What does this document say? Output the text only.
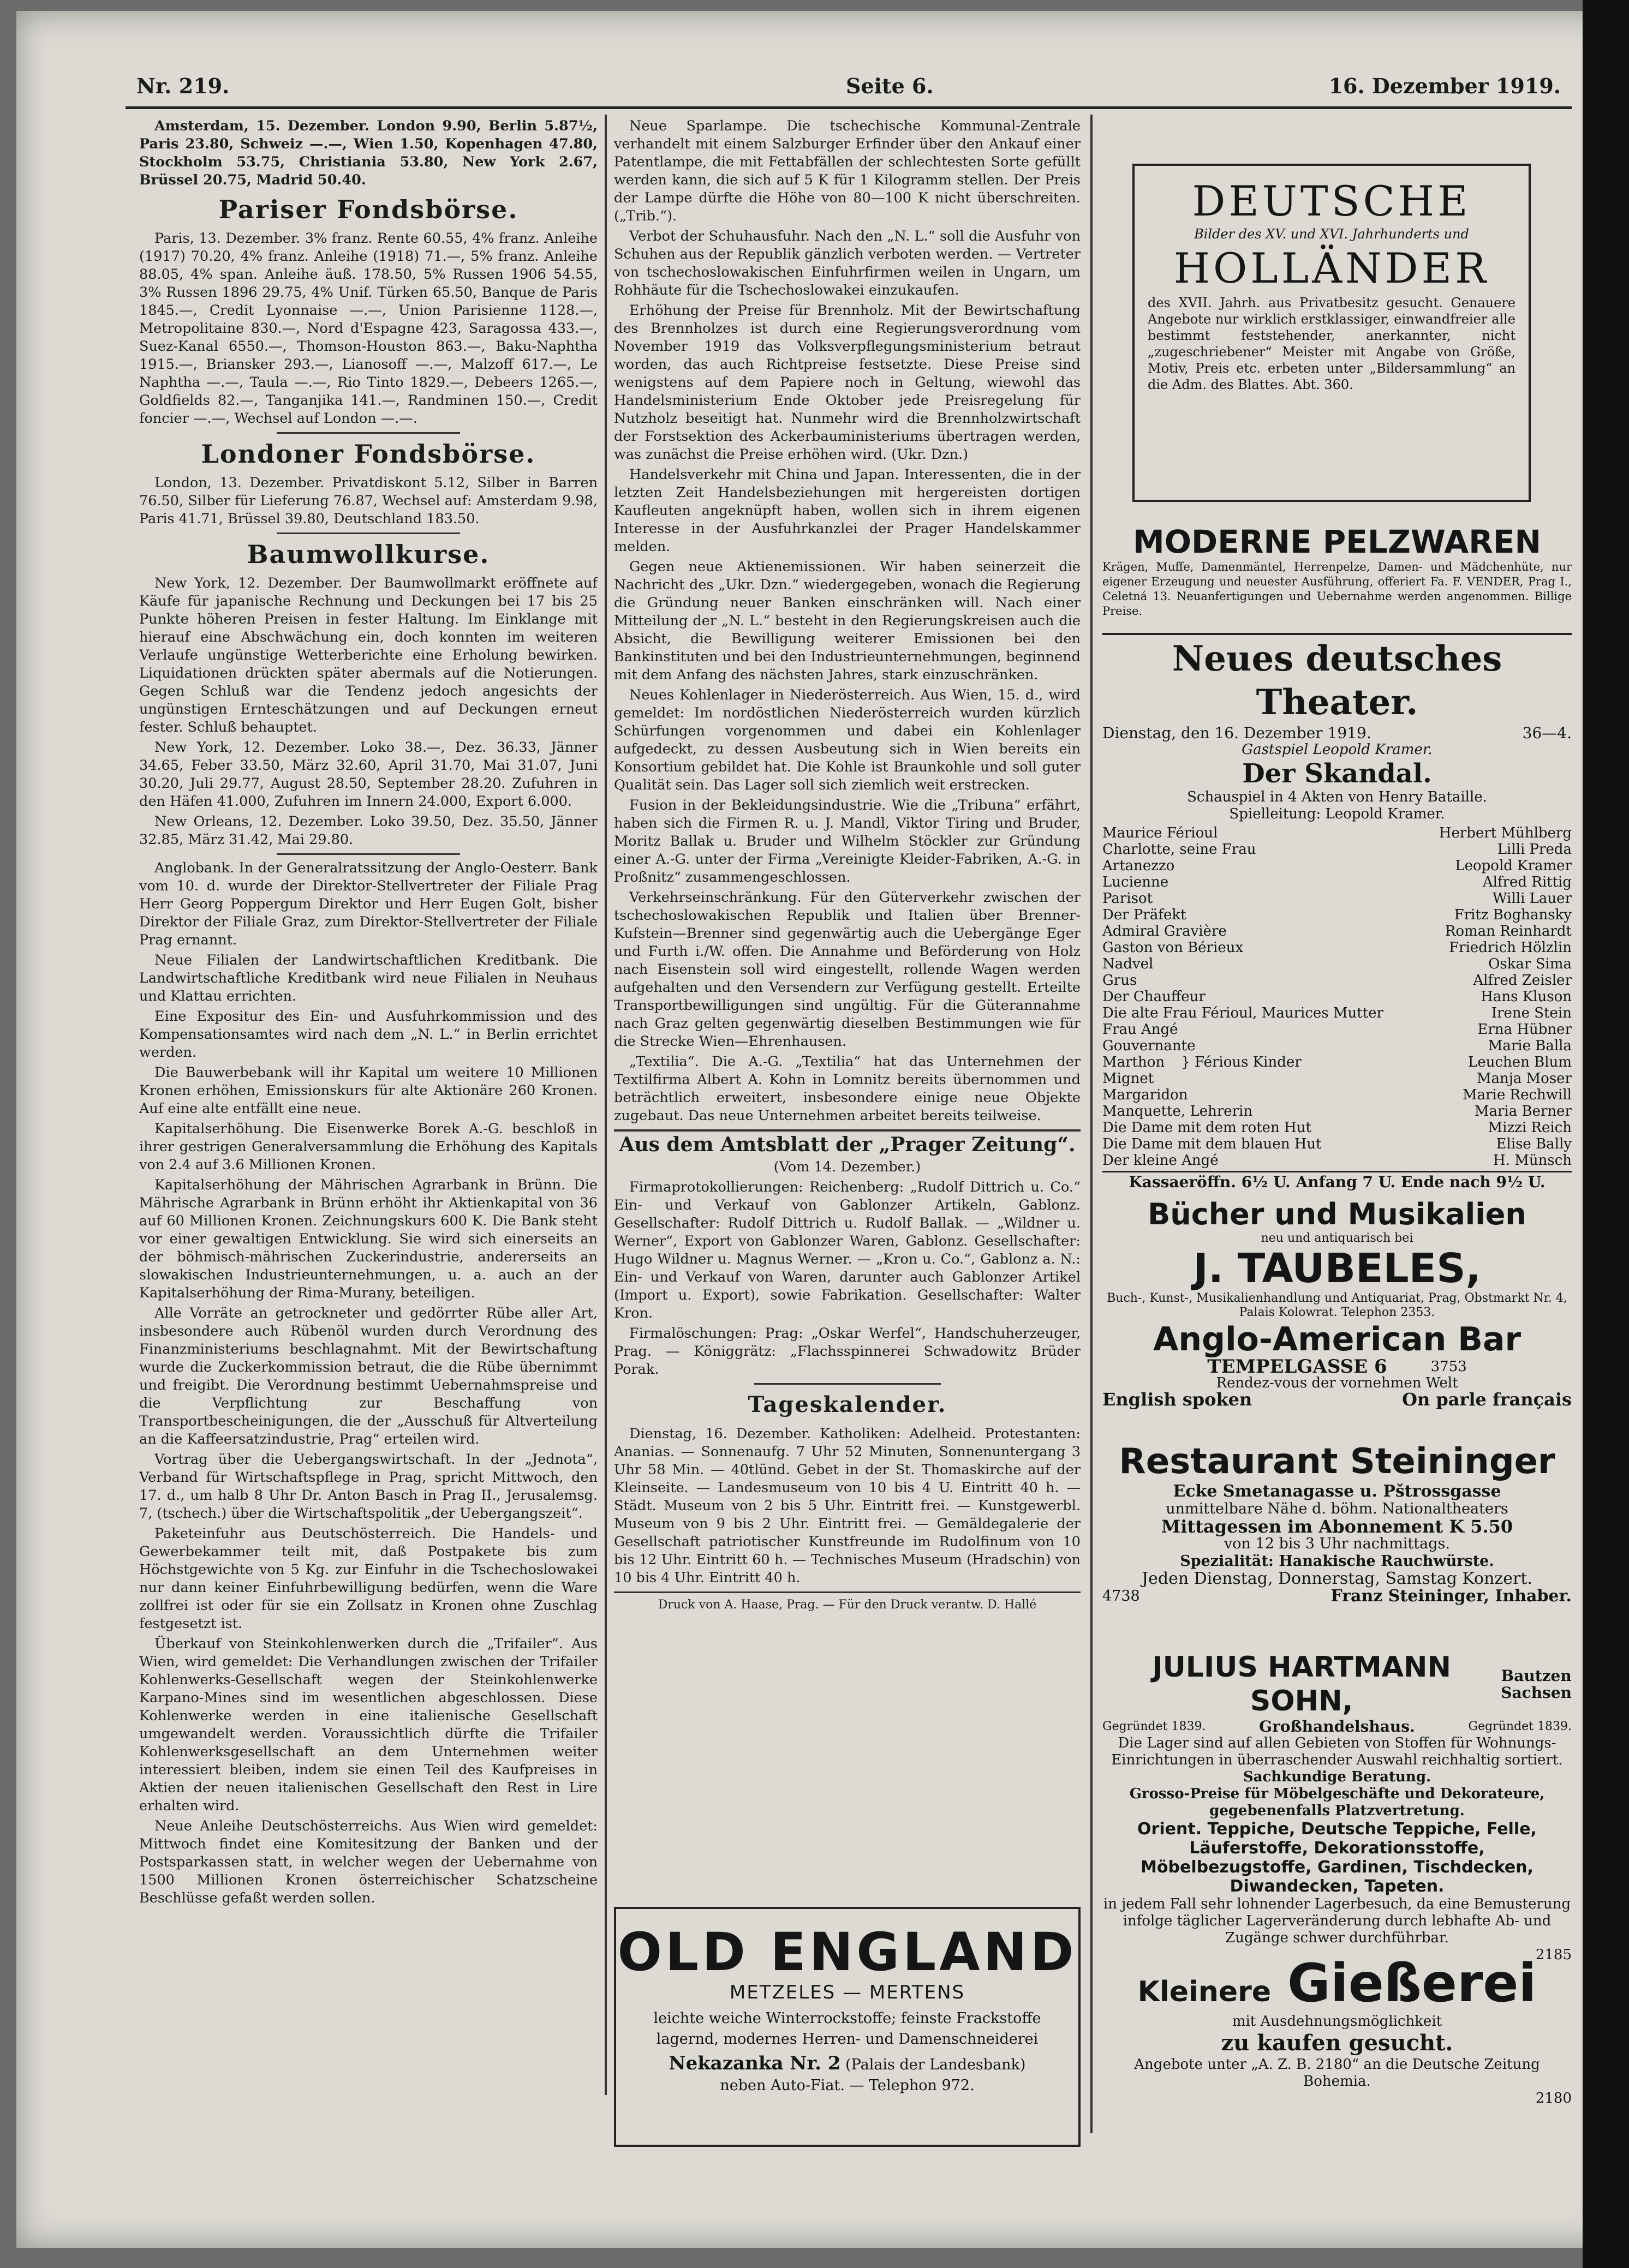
Nr. 219.	Seite 6.	16. Dezember 1919.

Amsterdam, 15. Dezember. London 9.90, Berlin 5.87½, Paris 23.80, Schweiz —.—, Wien 1.50, Kopenhagen 47.80, Stockholm 53.75, Christiania 53.80, New York 2.67, Brüssel 20.75, Madrid 50.40.

Pariser Fondsbörse.

Paris, 13. Dezember. 3% franz. Rente 60.55, 4% franz. Anleihe (1917) 70.20, 4% franz. Anleihe (1918) 71.—, 5% franz. Anleihe 88.05, 4% span. Anleihe äuß. 178.50, 5% Russen 1906 54.55, 3% Russen 1896 29.75, 4% Unif. Türken 65.50, Banque de Paris 1845.—, Credit Lyonnaise —.—, Union Parisienne 1128.—, Metropolitaine 830.—, Nord d'Espagne 423, Saragossa 433.—, Suez-Kanal 6550.—, Thomson-Houston 863.—, Baku-Naphtha 1915.—, Briansker 293.—, Lianosoff —.—, Malzoff 617.—, Le Naphtha —.—, Taula —.—, Rio Tinto 1829.—, Debeers 1265.—, Goldfields 82.—, Tanganjika 141.—, Randminen 150.—, Credit foncier —.—, Wechsel auf London —.—.

Londoner Fondsbörse.

London, 13. Dezember. Privatdiskont 5.12, Silber in Barren 76.50, Silber für Lieferung 76.87, Wechsel auf: Amsterdam 9.98, Paris 41.71, Brüssel 39.80, Deutschland 183.50.

Baumwollkurse.

New York, 12. Dezember. Der Baumwollmarkt eröffnete auf Käufe für japanische Rechnung und Deckungen bei 17 bis 25 Punkte höheren Preisen in fester Haltung. Im Einklange mit hierauf eine Abschwächung ein, doch konnten im weiteren Verlaufe ungünstige Wetterberichte eine Erholung bewirken. Liquidationen drückten später abermals auf die Notierungen. Gegen Schluß war die Tendenz jedoch angesichts der ungünstigen Ernteschätzungen und auf Deckungen erneut fester. Schluß behauptet.

New York, 12. Dezember. Loko 38.—, Dez. 36.33, Jänner 34.65, Feber 33.50, März 32.60, April 31.70, Mai 31.07, Juni 30.20, Juli 29.77, August 28.50, September 28.20. Zufuhren in den Häfen 41.000, Zufuhren im Innern 24.000, Export 6.000.

New Orleans, 12. Dezember. Loko 39.50, Dez. 35.50, Jänner 32.85, März 31.42, Mai 29.80.

Anglobank. In der Generalratssitzung der Anglo-Oesterr. Bank vom 10. d. wurde der Direktor-Stellvertreter der Filiale Prag Herr Georg Poppergum Direktor und Herr Eugen Golt, bisher Direktor der Filiale Graz, zum Direktor-Stellvertreter der Filiale Prag ernannt.

Neue Filialen der Landwirtschaftlichen Kreditbank. Die Landwirtschaftliche Kreditbank wird neue Filialen in Neuhaus und Klattau errichten.

Eine Expositur des Ein- und Ausfuhrkommission und des Kompensationsamtes wird nach dem „N. L.“ in Berlin errichtet werden.

Die Bauwerbebank will ihr Kapital um weitere 10 Millionen Kronen erhöhen, Emissionskurs für alte Aktionäre 260 Kronen. Auf eine alte entfällt eine neue.

Kapitalserhöhung. Die Eisenwerke Borek A.-G. beschloß in ihrer gestrigen Generalversammlung die Erhöhung des Kapitals von 2.4 auf 3.6 Millionen Kronen.

Kapitalserhöhung der Mährischen Agrarbank in Brünn. Die Mährische Agrarbank in Brünn erhöht ihr Aktienkapital von 36 auf 60 Millionen Kronen. Zeichnungskurs 600 K. Die Bank steht vor einer gewaltigen Entwicklung. Sie wird sich einerseits an der böhmisch-mährischen Zuckerindustrie, andererseits an slowakischen Industrieunternehmungen, u. a. auch an der Kapitalserhöhung der Rima-Murany, beteiligen.

Alle Vorräte an getrockneter und gedörrter Rübe aller Art, insbesondere auch Rübenöl wurden durch Verordnung des Finanzministeriums beschlagnahmt. Mit der Bewirtschaftung wurde die Zuckerkommission betraut, die die Rübe übernimmt und freigibt. Die Verordnung bestimmt Uebernahmspreise und die Verpflichtung zur Beschaffung von Transportbescheinigungen, die der „Ausschuß für Altverteilung an die Kaffeersatzindustrie, Prag“ erteilen wird.

Vortrag über die Uebergangswirtschaft. In der „Jednota“, Verband für Wirtschaftspflege in Prag, spricht Mittwoch, den 17. d., um halb 8 Uhr Dr. Anton Basch in Prag II., Jerusalemsg. 7, (tschech.) über die Wirtschaftspolitik „der Uebergangszeit“.

Paketeinfuhr aus Deutschösterreich. Die Handels- und Gewerbekammer teilt mit, daß Postpakete bis zum Höchstgewichte von 5 Kg. zur Einfuhr in die Tschechoslowakei nur dann keiner Einfuhrbewilligung bedürfen, wenn die Ware zollfrei ist oder für sie ein Zollsatz in Kronen ohne Zuschlag festgesetzt ist.

Überkauf von Steinkohlenwerken durch die „Trifailer“. Aus Wien, wird gemeldet: Die Verhandlungen zwischen der Trifailer Kohlenwerks-Gesellschaft wegen der Steinkohlenwerke Karpano-Mines sind im wesentlichen abgeschlossen. Diese Kohlenwerke werden in eine italienische Gesellschaft umgewandelt werden. Voraussichtlich dürfte die Trifailer Kohlenwerksgesellschaft an dem Unternehmen weiter interessiert bleiben, indem sie einen Teil des Kaufpreises in Aktien der neuen italienischen Gesellschaft den Rest in Lire erhalten wird.

Neue Anleihe Deutschösterreichs. Aus Wien wird gemeldet: Mittwoch findet eine Komitesitzung der Banken und der Postsparkassen statt, in welcher wegen der Uebernahme von 1500 Millionen Kronen österreichischer Schatzscheine Beschlüsse gefaßt werden sollen.

Neue Sparlampe. Die tschechische Kommunal-Zentrale verhandelt mit einem Salzburger Erfinder über den Ankauf einer Patentlampe, die mit Fettabfällen der schlechtesten Sorte gefüllt werden kann, die sich auf 5 K für 1 Kilogramm stellen. Der Preis der Lampe dürfte die Höhe von 80—100 K nicht überschreiten. („Trib.“).

Verbot der Schuhausfuhr. Nach den „N. L.“ soll die Ausfuhr von Schuhen aus der Republik gänzlich verboten werden. — Vertreter von tschechoslowakischen Einfuhrfirmen weilen in Ungarn, um Rohhäute für die Tschechoslowakei einzukaufen.

Erhöhung der Preise für Brennholz. Mit der Bewirtschaftung des Brennholzes ist durch eine Regierungsverordnung vom November 1919 das Volksverpflegungsministerium betraut worden, das auch Richtpreise festsetzte. Diese Preise sind wenigstens auf dem Papiere noch in Geltung, wiewohl das Handelsministerium Ende Oktober jede Preisregelung für Nutzholz beseitigt hat. Nunmehr wird die Brennholzwirtschaft der Forstsektion des Ackerbauministeriums übertragen werden, was zunächst die Preise erhöhen wird. (Ukr. Dzn.)

Handelsverkehr mit China und Japan. Interessenten, die in der letzten Zeit Handelsbeziehungen mit hergereisten dortigen Kaufleuten angeknüpft haben, wollen sich in ihrem eigenen Interesse in der Ausfuhrkanzlei der Prager Handelskammer melden.

Gegen neue Aktienemissionen. Wir haben seinerzeit die Nachricht des „Ukr. Dzn.“ wiedergegeben, wonach die Regierung die Gründung neuer Banken einschränken will. Nach einer Mitteilung der „N. L.“ besteht in den Regierungskreisen auch die Absicht, die Bewilligung weiterer Emissionen bei den Bankinstituten und bei den Industrieunternehmungen, beginnend mit dem Anfang des nächsten Jahres, stark einzuschränken.

Neues Kohlenlager in Niederösterreich. Aus Wien, 15. d., wird gemeldet: Im nordöstlichen Niederösterreich wurden kürzlich Schürfungen vorgenommen und dabei ein Kohlenlager aufgedeckt, zu dessen Ausbeutung sich in Wien bereits ein Konsortium gebildet hat. Die Kohle ist Braunkohle und soll guter Qualität sein. Das Lager soll sich ziemlich weit erstrecken.

Fusion in der Bekleidungsindustrie. Wie die „Tribuna“ erfährt, haben sich die Firmen R. u. J. Mandl, Viktor Tiring und Bruder, Moritz Ballak u. Bruder und Wilhelm Stöckler zur Gründung einer A.-G. unter der Firma „Vereinigte Kleider-Fabriken, A.-G. in Proßnitz“ zusammengeschlossen.

Verkehrseinschränkung. Für den Güterverkehr zwischen der tschechoslowakischen Republik und Italien über Brenner-Kufstein—Brenner sind gegenwärtig auch die Uebergänge Eger und Furth i./W. offen. Die Annahme und Beförderung von Holz nach Eisenstein soll wird eingestellt, rollende Wagen werden aufgehalten und den Versendern zur Verfügung gestellt. Erteilte Transportbewilligungen sind ungültig. Für die Güterannahme nach Graz gelten gegenwärtig dieselben Bestimmungen wie für die Strecke Wien—Ehrenhausen.

„Textilia“. Die A.-G. „Textilia“ hat das Unternehmen der Textilfirma Albert A. Kohn in Lomnitz bereits übernommen und beträchtlich erweitert, insbesondere einige neue Objekte zugebaut. Das neue Unternehmen arbeitet bereits teilweise.

Aus dem Amtsblatt der „Prager Zeitung“.

(Vom 14. Dezember.)

Firmaprotokollierungen: Reichenberg: „Rudolf Dittrich u. Co.“ Ein- und Verkauf von Gablonzer Artikeln, Gablonz. Gesellschafter: Rudolf Dittrich u. Rudolf Ballak. — „Wildner u. Werner“, Export von Gablonzer Waren, Gablonz. Gesellschafter: Hugo Wildner u. Magnus Werner. — „Kron u. Co.“, Gablonz a. N.: Ein- und Verkauf von Waren, darunter auch Gablonzer Artikel (Import u. Export), sowie Fabrikation. Gesellschafter: Walter Kron.

Firmalöschungen: Prag: „Oskar Werfel“, Handschuherzeuger, Prag. — Königgrätz: „Flachsspinnerei Schwadowitz Brüder Porak.

Tageskalender.

Dienstag, 16. Dezember. Katholiken: Adelheid. Protestanten: Ananias. — Sonnenaufg. 7 Uhr 52 Minuten, Sonnenuntergang 3 Uhr 58 Min. — 40tlünd. Gebet in der St. Thomaskirche auf der Kleinseite. — Landesmuseum von 10 bis 4 U. Eintritt 40 h. — Städt. Museum von 2 bis 5 Uhr. Eintritt frei. — Kunstgewerbl. Museum von 9 bis 2 Uhr. Eintritt frei. — Gemäldegalerie der Gesellschaft patriotischer Kunstfreunde im Rudolfinum von 10 bis 12 Uhr. Eintritt 60 h. — Technisches Museum (Hradschin) von 10 bis 4 Uhr. Eintritt 40 h.

Druck von A. Haase, Prag. — Für den Druck verantw. D. Hallé

OLD ENGLAND
METZELES — MERTENS
leichte weiche Winterrockstoffe; feinste Frackstoffe
lagernd, modernes Herren- und Damenschneiderei
Nekazanka Nr. 2 (Palais der Landesbank)
neben Auto-Fiat. — Telephon 972.
DEUTSCHE
Bilder des XV. und XVI. Jahrhunderts und
HOLLÄNDER
des XVII. Jahrh. aus Privatbesitz gesucht. Genauere Angebote nur wirklich erstklassiger, einwandfreier alle bestimmt feststehender, anerkannter, nicht „zugeschriebener“ Meister mit Angabe von Größe, Motiv, Preis etc. erbeten unter „Bildersammlung“ an die Adm. des Blattes. Abt. 360.
MODERNE PELZWAREN
Krägen, Muffe, Damenmäntel, Herrenpelze, Damen- und Mädchenhüte, nur eigener Erzeugung und neuester Ausführung, offeriert Fa. F. VENDER, Prag I., Celetná 13. Neuanfertigungen und Uebernahme werden angenommen. Billige Preise.
Neues deutsches Theater.
Dienstag, den 16. Dezember 1919.	36—4.
Gastspiel Leopold Kramer.
Der Skandal.
Schauspiel in 4 Akten von Henry Bataille.
Spielleitung: Leopold Kramer.
Maurice Férioul	Herbert Mühlberg
Charlotte, seine Frau	Lilli Preda
Artanezzo	Leopold Kramer
Lucienne	Alfred Rittig
Parisot	Willi Lauer
Der Präfekt	Fritz Boghansky
Admiral Gravière	Roman Reinhardt
Gaston von Bérieux	Friedrich Hölzlin
Nadvel	Oskar Sima
Grus	Alfred Zeisler
Der Chauffeur	Hans Kluson
Die alte Frau Férioul, Maurices Mutter	Irene Stein
Frau Angé	Erna Hübner
Gouvernante	Marie Balla
Marthon } Férious Kinder	Leuchen Blum
Mignet	Manja Moser
Margaridon	Marie Rechwill
Manquette, Lehrerin	Maria Berner
Die Dame mit dem roten Hut	Mizzi Reich
Die Dame mit dem blauen Hut	Elise Bally
Der kleine Angé	H. Münsch
Kassaeröffn. 6½ U. Anfang 7 U. Ende nach 9½ U.
Bücher und Musikalien
neu und antiquarisch bei
J. TAUBELES,
Buch-, Kunst-, Musikalienhandlung und Antiquariat, Prag, Obstmarkt Nr. 4, Palais Kolowrat. Telephon 2353.
Anglo-American Bar
TEMPELGASSE 6	3753
Rendez-vous der vornehmen Welt
English spoken	On parle français
Restaurant Steininger
Ecke Smetanagasse u. Pštrossgasse
unmittelbare Nähe d. böhm. Nationaltheaters
Mittagessen im Abonnement K 5.50
von 12 bis 3 Uhr nachmittags.
Spezialität: Hanakische Rauchwürste.
Jeden Dienstag, Donnerstag, Samstag Konzert.
4738	Franz Steininger, Inhaber.
JULIUS HARTMANN SOHN,
Bautzen
Sachsen
Gegründet 1839.	Großhandelshaus.	Gegründet 1839.
Die Lager sind auf allen Gebieten von Stoffen für Wohnungs-Einrichtungen in überraschender Auswahl reichhaltig sortiert.
Sachkundige Beratung.
Grosso-Preise für Möbelgeschäfte und Dekorateure, gegebenenfalls Platzvertretung.
Orient. Teppiche, Deutsche Teppiche, Felle, Läuferstoffe, Dekorationsstoffe, Möbelbezugstoffe, Gardinen, Tischdecken, Diwandecken, Tapeten.
in jedem Fall sehr lohnender Lagerbesuch, da eine Bemusterung infolge täglicher Lagerveränderung durch lebhafte Ab- und Zugänge schwer durchführbar.
2185
Kleinere Gießerei
mit Ausdehnungsmöglichkeit
zu kaufen gesucht.
Angebote unter „A. Z. B. 2180“ an die Deutsche Zeitung Bohemia.
2180
